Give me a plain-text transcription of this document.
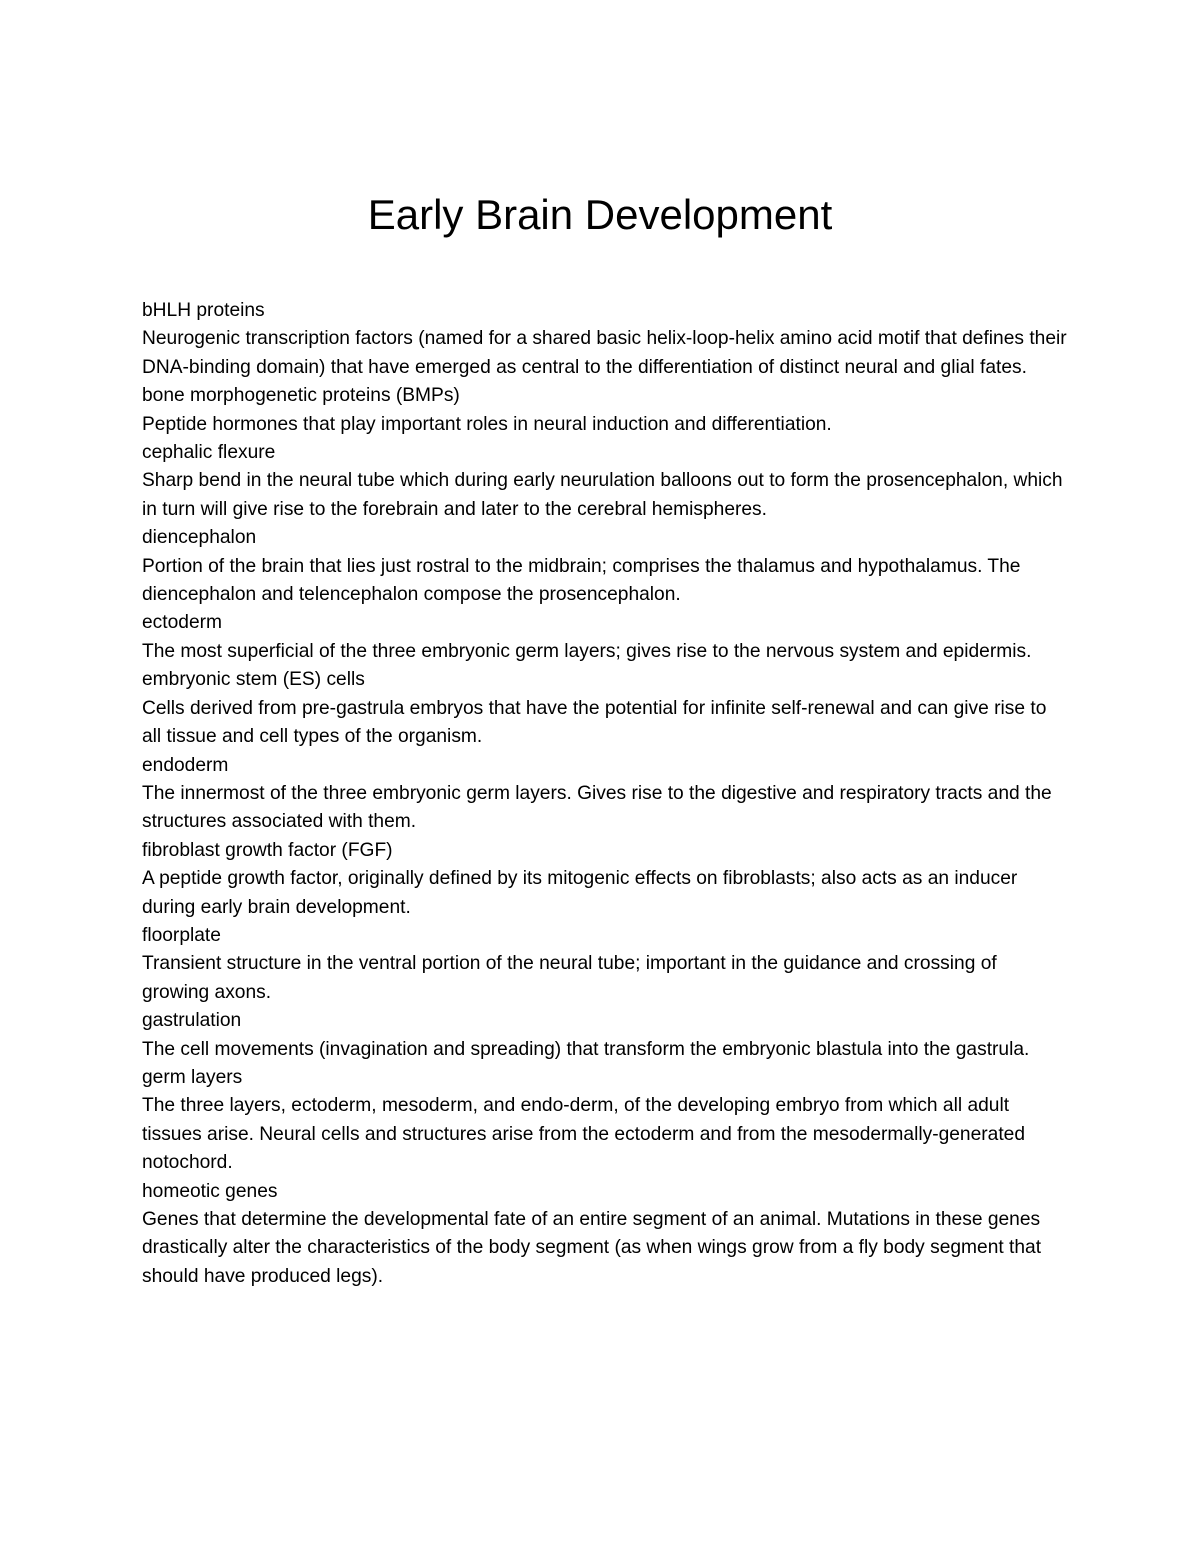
Early Brain Development
bHLH proteins
Neurogenic transcription factors (named for a shared basic helix-loop-helix amino acid motif that defines their DNA-binding domain) that have emerged as central to the differentiation of distinct neural and glial fates.
bone morphogenetic proteins (BMPs)
Peptide hormones that play important roles in neural induction and differentiation.
cephalic flexure
Sharp bend in the neural tube which during early neurulation balloons out to form the prosencephalon, which in turn will give rise to the forebrain and later to the cerebral hemispheres.
diencephalon
Portion of the brain that lies just rostral to the midbrain; comprises the thalamus and hypothalamus. The diencephalon and telencephalon compose the prosencephalon.
ectoderm
The most superficial of the three embryonic germ layers; gives rise to the nervous system and epidermis.
embryonic stem (ES) cells
Cells derived from pre-gastrula embryos that have the potential for infinite self-renewal and can give rise to all tissue and cell types of the organism.
endoderm
The innermost of the three embryonic germ layers. Gives rise to the digestive and respiratory tracts and the structures associated with them.
fibroblast growth factor (FGF)
A peptide growth factor, originally defined by its mitogenic effects on fibroblasts; also acts as an inducer during early brain development.
floorplate
Transient structure in the ventral portion of the neural tube; important in the guidance and crossing of growing axons.
gastrulation
The cell movements (invagination and spreading) that transform the embryonic blastula into the gastrula.
germ layers
The three layers, ectoderm, mesoderm, and endo-derm, of the developing embryo from which all adult tissues arise. Neural cells and structures arise from the ectoderm and from the mesodermally-generated notochord.
homeotic genes
Genes that determine the developmental fate of an entire segment of an animal. Mutations in these genes drastically alter the characteristics of the body segment (as when wings grow from a fly body segment that should have produced legs).
